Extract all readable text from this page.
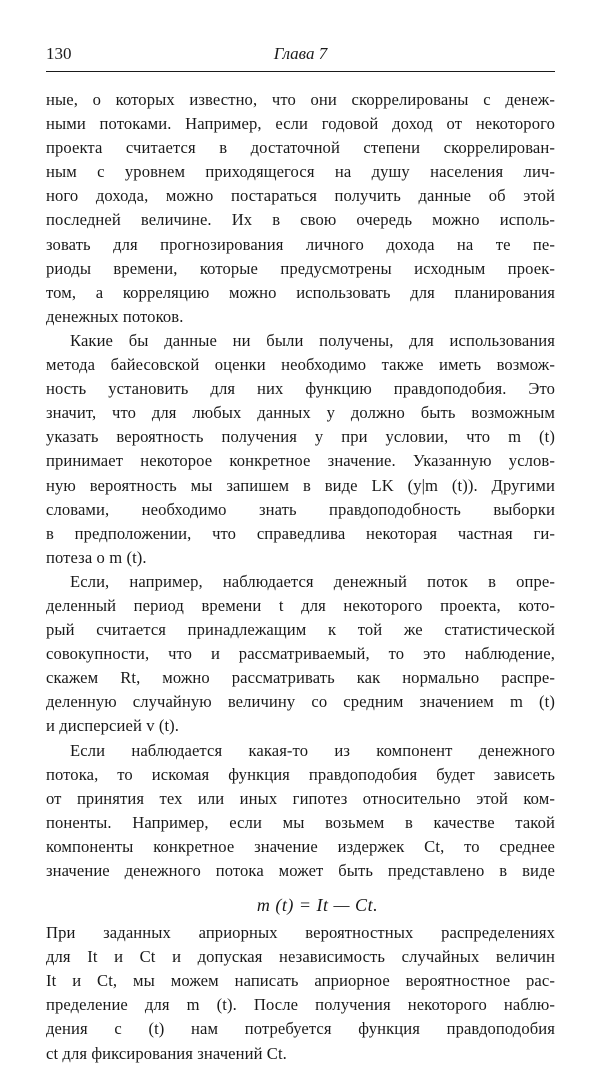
130	Глава 7
ные, о которых известно, что они скоррелированы с денеж-
ными потоками. Например, если годовой доход от некоторого
проекта считается в достаточной степени скоррелирован-
ным с уровнем приходящегося на душу населения лич-
ного дохода, можно постараться получить данные об этой
последней величине. Их в свою очередь можно исполь-
зовать для прогнозирования личного дохода на те пе-
риоды времени, которые предусмотрены исходным проек-
том, а корреляцию можно использовать для планирования
денежных потоков.
Какие бы данные ни были получены, для использования
метода байесовской оценки необходимо также иметь возмож-
ность установить для них функцию правдоподобия. Это
значит, что для любых данных y должно быть возможным
указать вероятность получения y при условии, что m (t)
принимает некоторое конкретное значение. Указанную услов-
ную вероятность мы запишем в виде LK (y|m (t)). Другими
словами, необходимо знать правдоподобность выборки
в предположении, что справедлива некоторая частная ги-
потеза о m (t).
Если, например, наблюдается денежный поток в опре-
деленный период времени t для некоторого проекта, кото-
рый считается принадлежащим к той же статистической
совокупности, что и рассматриваемый, то это наблюдение,
скажем Rt, можно рассматривать как нормально распре-
деленную случайную величину со средним значением m (t)
и дисперсией v (t).
Если наблюдается какая-то из компонент денежного
потока, то искомая функция правдоподобия будет зависеть
от принятия тех или иных гипотез относительно этой ком-
поненты. Например, если мы возьмем в качестве такой
компоненты конкретное значение издержек Ct, то среднее
значение денежного потока может быть представлено в виде
m (t) = It — Ct.
При заданных априорных вероятностных распределениях
для It и Ct и допуская независимость случайных величин
It и Ct, мы можем написать априорное вероятностное рас-
пределение для m (t). После получения некоторого наблю-
дения c (t) нам потребуется функция правдоподобия
ct для фиксирования значений Ct.
